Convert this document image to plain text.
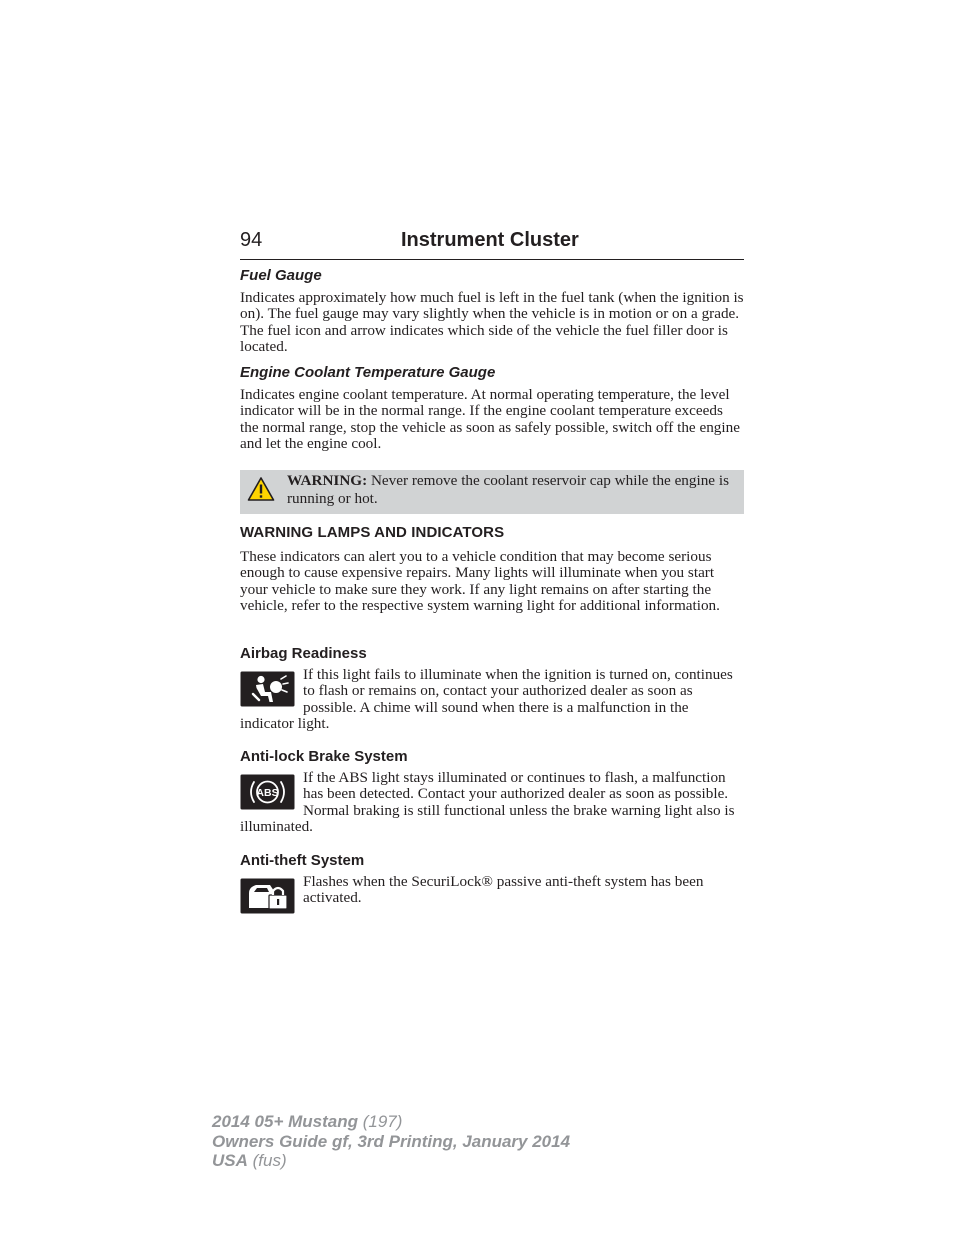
94	Instrument Cluster
Fuel Gauge

Indicates approximately how much fuel is left in the fuel tank (when the ignition is on). The fuel gauge may vary slightly when the vehicle is in motion or on a grade. The fuel icon and arrow indicates which side of the vehicle the fuel filler door is located.

Engine Coolant Temperature Gauge

Indicates engine coolant temperature. At normal operating temperature, the level indicator will be in the normal range. If the engine coolant temperature exceeds the normal range, stop the vehicle as soon as safely possible, switch off the engine and let the engine cool.

WARNING: Never remove the coolant reservoir cap while the engine is running or hot.
WARNING LAMPS AND INDICATORS

These indicators can alert you to a vehicle condition that may become serious enough to cause expensive repairs. Many lights will illuminate when you start your vehicle to make sure they work. If any light remains on after starting the vehicle, refer to the respective system warning light for additional information.

Airbag Readiness

If this light fails to illuminate when the ignition is turned on, continues to flash or remains on, contact your authorized dealer as soon as possible. A chime will sound when there is a malfunction in the indicator light.

Anti-lock Brake System
ABS

If the ABS light stays illuminated or continues to flash, a malfunction has been detected. Contact your authorized dealer as soon as possible. Normal braking is still functional unless the brake warning light also is illuminated.

Anti-theft System

Flashes when the SecuriLock® passive anti-theft system has been activated.

2014 05+ Mustang (197)
Owners Guide gf, 3rd Printing, January 2014
USA (fus)
